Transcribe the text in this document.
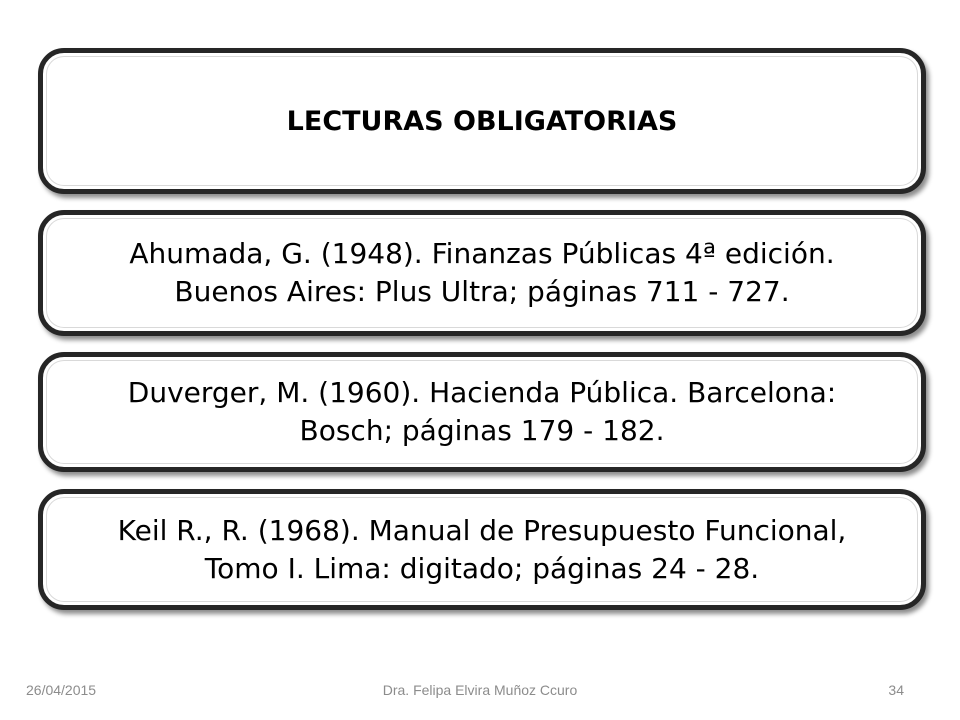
LECTURAS OBLIGATORIAS
Ahumada, G. (1948). Finanzas Públicas 4ª edición.
Buenos Aires: Plus Ultra; páginas 711 - 727.
Duverger, M. (1960). Hacienda Pública. Barcelona:
Bosch; páginas 179 - 182.
Keil R., R. (1968). Manual de Presupuesto Funcional,
Tomo I. Lima: digitado; páginas 24 - 28.
Dra. Felipa Elvira Muñoz Ccuro
26/04/2015	34
